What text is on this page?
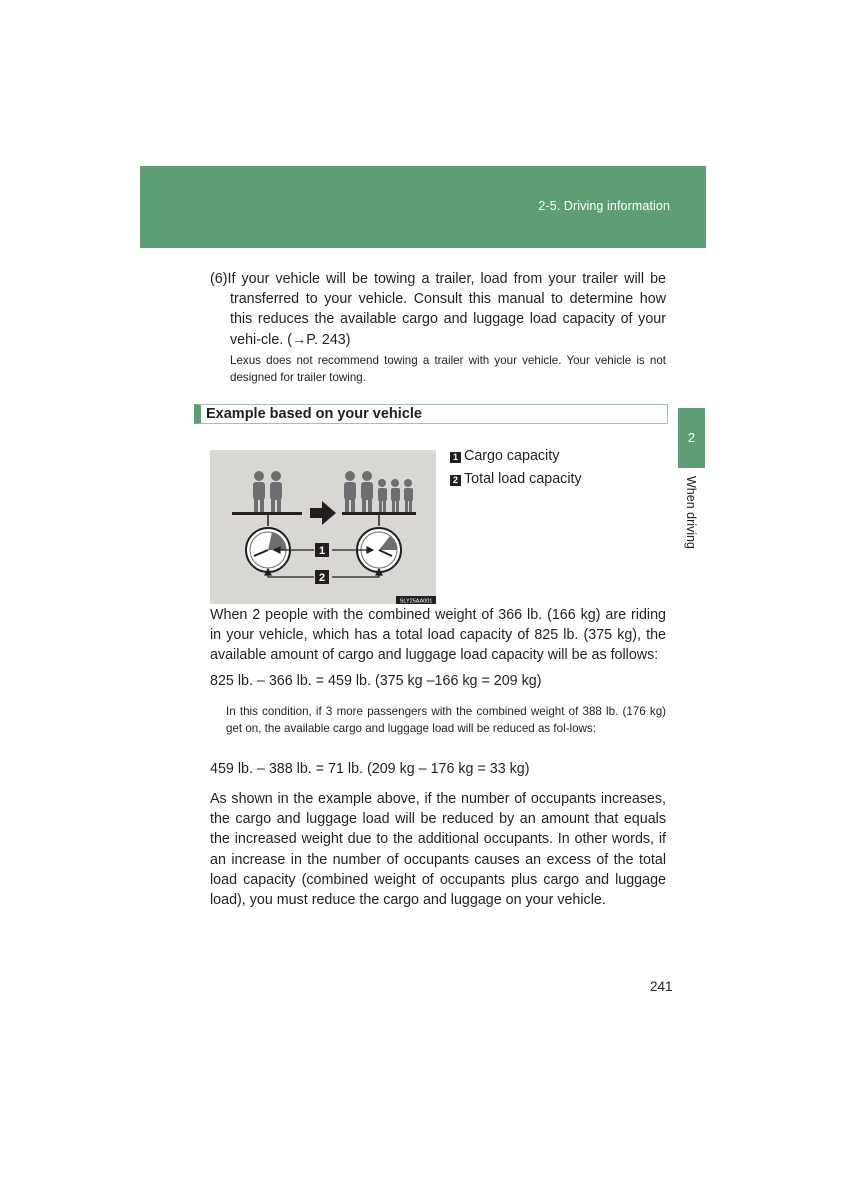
2-5. Driving information
2
When driving
(6)If your vehicle will be towing a trailer, load from your trailer will be transferred to your vehicle. Consult this manual to determine how this reduces the available cargo and luggage load capacity of your vehi-cle. (→P. 243)
Lexus does not recommend towing a trailer with your vehicle. Your vehicle is not designed for trailer towing.
Example based on your vehicle
1
2
SLY25AA001
1 Cargo capacity
2 Total load capacity
When 2 people with the combined weight of 366 lb. (166 kg) are riding in your vehicle, which has a total load capacity of 825 lb. (375 kg), the available amount of cargo and luggage load capacity will be as follows:
825 lb. – 366 lb. = 459 lb. (375 kg –166 kg = 209 kg)
In this condition, if 3 more passengers with the combined weight of 388 lb. (176 kg) get on, the available cargo and luggage load will be reduced as fol-lows:
459 lb. – 388 lb. = 71 lb. (209 kg – 176 kg = 33 kg)
As shown in the example above, if the number of occupants increases, the cargo and luggage load will be reduced by an amount that equals the increased weight due to the additional occupants. In other words, if an increase in the number of occupants causes an excess of the total load capacity (combined weight of occupants plus cargo and luggage load), you must reduce the cargo and luggage on your vehicle.
241
